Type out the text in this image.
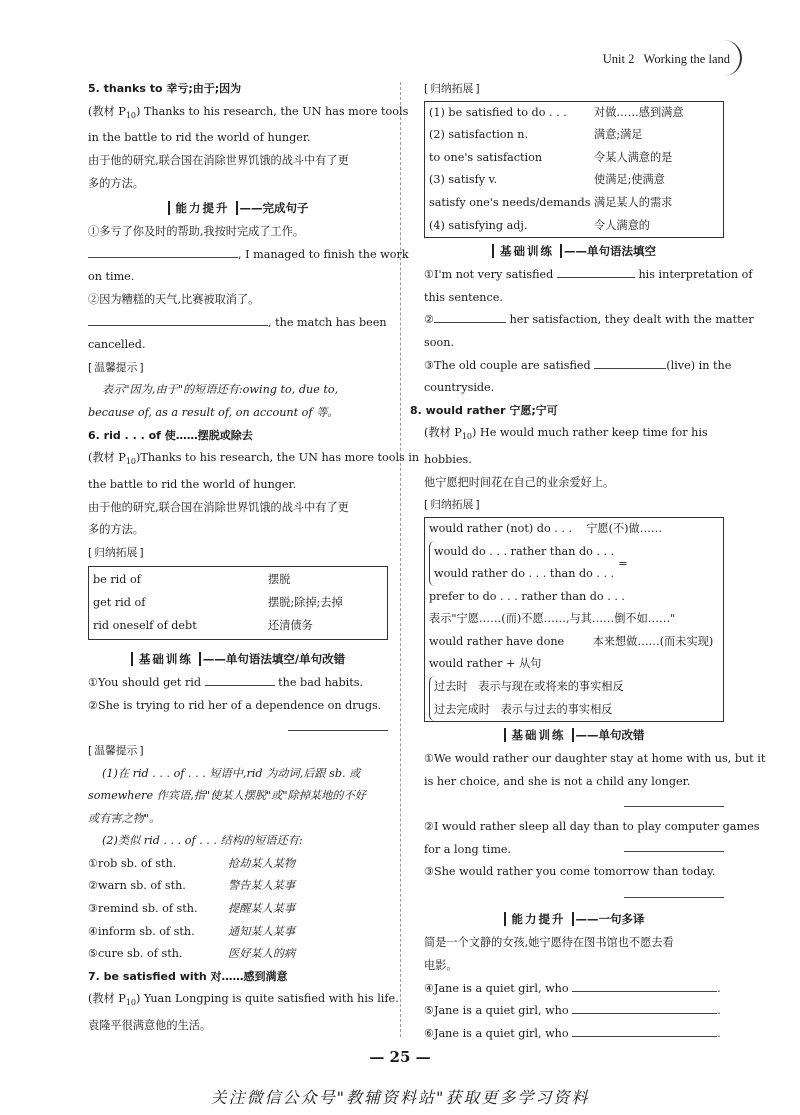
Unit 2 Working the land
5. thanks to 幸亏;由于;因为
(教材 $P_{10}$) Thanks to his research, the UN has more tools
in the battle to rid the world of hunger.
由于他的研究,联合国在消除世界饥饿的战斗中有了更
多的方法。
能力提升 ——完成句子
①多亏了你及时的帮助,我按时完成了工作。
, I managed to finish the work
on time.
②因为糟糕的天气,比赛被取消了。
, the match has been
cancelled.
[ 温馨提示 ]
表示"因为,由于"的短语还有:owing to, due to,
because of, as a result of, on account of 等。
6. rid . . . of 使……摆脱或除去
(教材 $P_{10})Thanks$ to his research, the UN has more tools in
the battle to rid the world of hunger.
由于他的研究,联合国在消除世界饥饿的战斗中有了更
多的方法。
[ 归纳拓展 ]
be rid of	摆脱
get rid of	摆脱;除掉;去掉
rid oneself of debt	还清债务
基础训练 ——单句语法填空/单句改错
①You should get rid	the bad habits.
②She is trying to rid her of a dependence on drugs.
[ 温馨提示 ]
(1)在 rid . . . of . . . 短语中,rid 为动词,后跟 sb. 或
somewhere 作宾语,指"使某人摆脱"或"除掉某地的不好
或有害之物"。
(2)类似 rid . . . of . . . 结构的短语还有:
①rob sb. of sth.	抢劫某人某物
②warn sb. of sth.	警告某人某事
③remind sb. of sth.	提醒某人某事
④inform sb. of sth.	通知某人某事
⑤cure sb. of sth.	医好某人的病
7. be satisfied with 对……感到满意
(教材 $P_{10}$) Yuan Longping is quite satisfied with his life.
袁隆平很满意他的生活。
[ 归纳拓展 ]
(1) be satisfied to do . . .	对做……感到满意
(2) satisfaction n.	满意;满足
to one's satisfaction	令某人满意的是
(3) satisfy v.	使满足;使满意
satisfy one's needs/demands 满足某人的需求
(4) satisfying adj.	令人满意的
基础训练 ——单句语法填空
①I'm not very satisfied	his interpretation of
this sentence.
②	her satisfaction, they dealt with the matter
soon.
③The old couple are satisfied	(live) in the
countryside.
8. would rather 宁愿;宁可
(教材 $P_{10}$) He would much rather keep time for his
hobbies.
他宁愿把时间花在自己的业余爱好上。
[ 归纳拓展 ]
would rather (not) do . . .    宁愿(不)做……
would do . . . rather than do . . .
would rather do . . . than do . . .
=
prefer to do . . . rather than do . . .
表示"宁愿……(而)不愿……,与其……倒不如……"
would rather have done        本来想做……(而未实现)
would rather + 从句
过去时   表示与现在或将来的事实相反
过去完成时   表示与过去的事实相反
基础训练 ——单句改错
①We would rather our daughter stay at home with us, but it
is her choice, and she is not a child any longer.
②I would rather sleep all day than to play computer games
for a long time.
③She would rather you come tomorrow than today.
能力提升 ——一句多译
简是一个文静的女孩,她宁愿待在图书馆也不愿去看
电影。
④Jane is a quiet girl, who	.
⑤Jane is a quiet girl, who	.
⑥Jane is a quiet girl, who	.
— 25 —
关注微信公众号"教辅资料站"获取更多学习资料
